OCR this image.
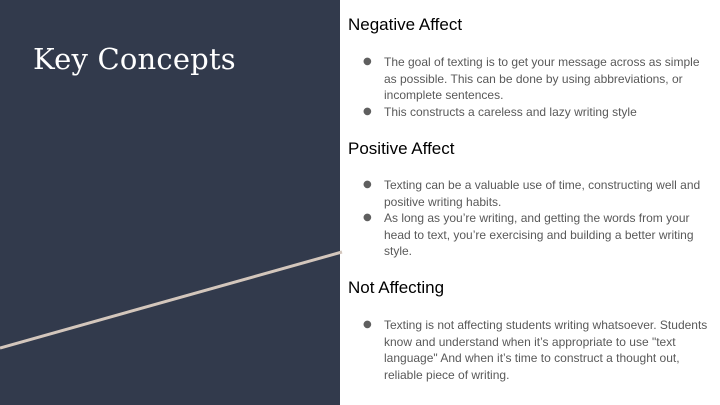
Key Concepts
Negative Affect
● The goal of texting is to get your message across as simple as possible. This can be done by using abbreviations, or incomplete sentences.
● This constructs a careless and lazy writing style
Positive Affect
● Texting can be a valuable use of time, constructing well and positive writing habits.
● As long as you’re writing, and getting the words from your head to text, you’re exercising and building a better writing style.
Not Affecting
● Texting is not affecting students writing whatsoever. Students know and understand when it’s appropriate to use "text language" And when it’s time to construct a thought out, reliable piece of writing.
